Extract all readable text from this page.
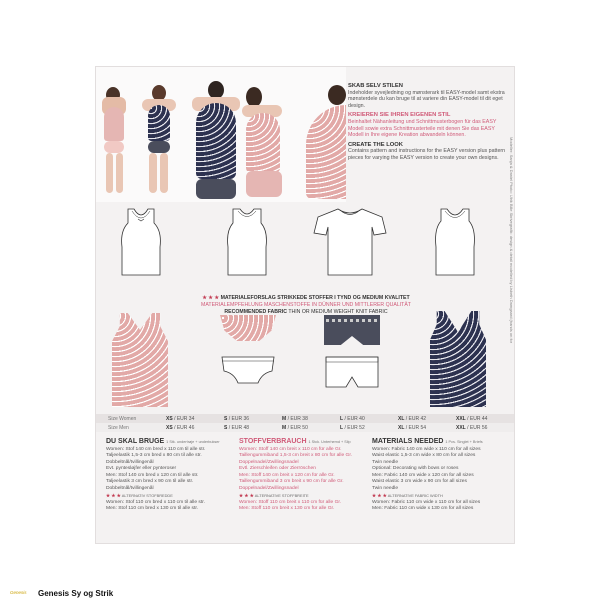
SKAB SELV STILEN
Indeholder syvejledning og mønsterark til EASY-model samt ekstra mønsterdele du kan bruge til at variere din EASY-model til dit eget design.

KREIEREN SIE IHREN EIGENEN STIL
Beinhaltet Nähanleitung und Schnittmusterbogen für das EASY Modell sowie extra Schnittmusterteile mit denen Sie das EASY Modell in Ihre eigene Kreation abwandeln können.

CREATE THE LOOK
Contains pattern and instructions for the EASY version plus pattern pieces for varying the EASY version to create your own designs.	Modeller: Sanja & Daniel Photo: Ulrik Bille Skrivegrafik: design & detail modelled by Lisbeth Damgaard (hands on for
★ ★ ★ MATERIALEFORSLAG STRIKKEDE STOFFER I TYND OG MEDIUM KVALITET
MATERIALEMPFEHLUNG MASCHENSTOFFE IN DÜNNER UND MITTLERER QUALITÄT
RECOMMENDED FABRIC THIN OR MEDIUM WEIGHT KNIT FABRIC
Size Women	XS / EUR 34	S / EUR 36	M / EUR 38	L / EUR 40	XL / EUR 42	XXL / EUR 44
Size Men	XS / EUR 46	S / EUR 48	M / EUR 50	L / EUR 52	XL / EUR 54	XXL / EUR 56
DU SKAL BRUGE 1 Stk. undertrøje + underbukser
Women: Stof 140 cm bred x 110 cm til alle str.
Taljeelastik 1,5-3 cm bred x 80 cm til alle str.
Dobbeltnål/tvillingenål
Evt. pyntesløjfer eller pynteroser
Men: Stof 140 cm bred x 120 cm til alle str.
Taljeelastik 3 cm bred x 90 cm til alle str.
Dobbeltnål/tvillingenål
★ ★ ★ ALTERNATIV STOFBREDDE
Women: Stof 110 cm bred x 110 cm til alle str.
Men: Stof 110 cm bred x 130 cm til alle str.
STOFFVERBRAUCH 1 Stck. Unterhemd + Slip
Women: Stoff 140 cm breit x 110 cm für alle Gr.
Taillengummiband 1,5-3 cm breit x 80 cm für alle Gr.
Doppelnadel/Zwillingsnadel
Evtl. Zierschleifen oder Zierröschen
Men: Stoff 140 cm breit x 120 cm für alle Gr.
Taillengummiband 3 cm breit x 90 cm für alle Gr.
Doppelnadel/Zwillingsnadel
★ ★ ★ ALTERNATIVE STOFFBREITE
Women: Stoff 110 cm breit x 110 cm für alle Gr.
Men: Stoff 110 cm breit x 130 cm für alle Gr.
MATERIALS NEEDED 1 Pcs. Singlet + Briefs
Women: Fabric 140 cm wide x 110 cm for all sizes
Waist elastic 1,5-3 cm wide x 80 cm for all sizes
Twin needle
Optional: Decorating with bows or roses
Men: Fabric 140 cm wide x 120 cm for all sizes
Waist elastic 3 cm wide x 90 cm for all sizes
Twin needle
★ ★ ★ ALTERNATIVE FABRIC WIDTH
Women: Fabric 110 cm wide x 110 cm for all sizes
Men: Fabric 110 cm wide x 130 cm for all sizes
Genesis	Genesis Sy og Strik
